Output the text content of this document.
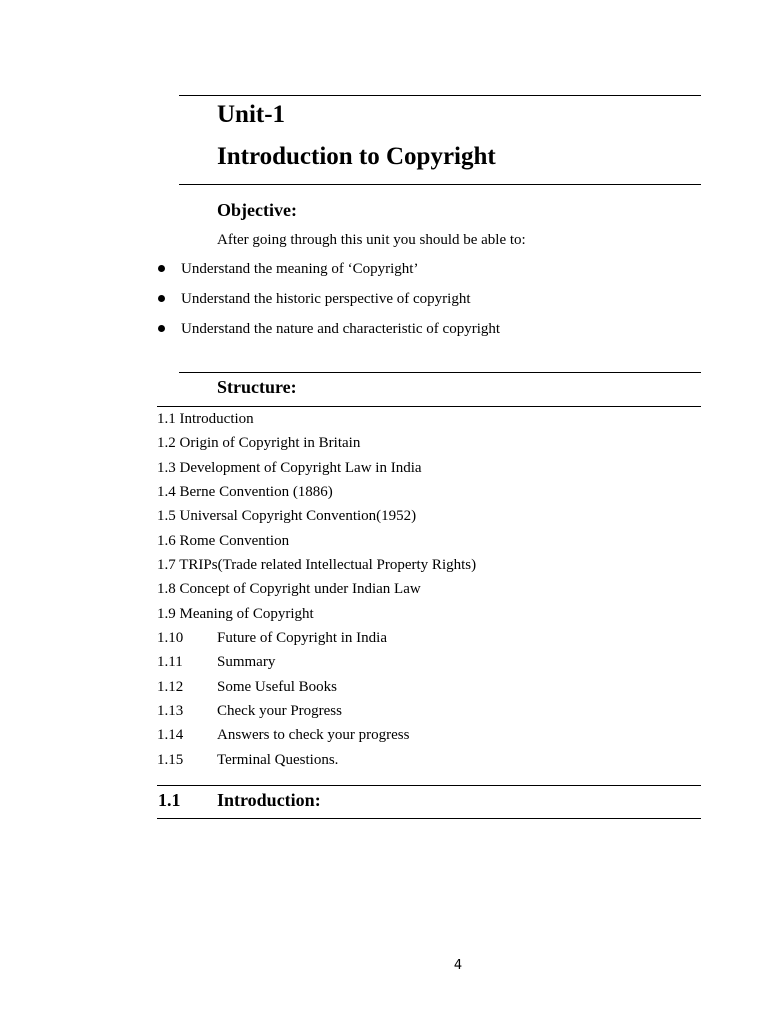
Unit-1
Introduction to Copyright
Objective:
After going through this unit you should be able to:
Understand the meaning of ‘Copyright’
Understand the historic perspective of copyright
Understand the nature and characteristic of copyright
Structure:
1.1 Introduction
1.2 Origin of Copyright in Britain
1.3 Development of Copyright Law in India
1.4 Berne Convention (1886)
1.5 Universal Copyright Convention(1952)
1.6 Rome Convention
1.7 TRIPs(Trade related Intellectual Property Rights)
1.8 Concept of Copyright under Indian Law
1.9 Meaning of Copyright
1.10 Future of Copyright in India
1.11 Summary
1.12 Some Useful Books
1.13 Check your Progress
1.14 Answers to check your progress
1.15 Terminal Questions.
1.1 Introduction:
4
